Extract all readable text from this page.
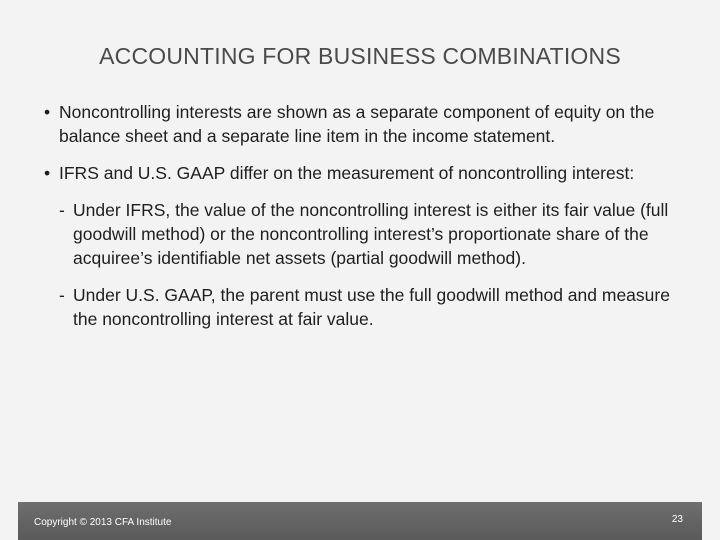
ACCOUNTING FOR BUSINESS COMBINATIONS
• Noncontrolling interests are shown as a separate component of equity on the balance sheet and a separate line item in the income statement.
• IFRS and U.S. GAAP differ on the measurement of noncontrolling interest:
- Under IFRS, the value of the noncontrolling interest is either its fair value (full goodwill method) or the noncontrolling interest’s proportionate share of the acquiree’s identifiable net assets (partial goodwill method).
- Under U.S. GAAP, the parent must use the full goodwill method and measure the noncontrolling interest at fair value.
Copyright © 2013 CFA Institute	23
